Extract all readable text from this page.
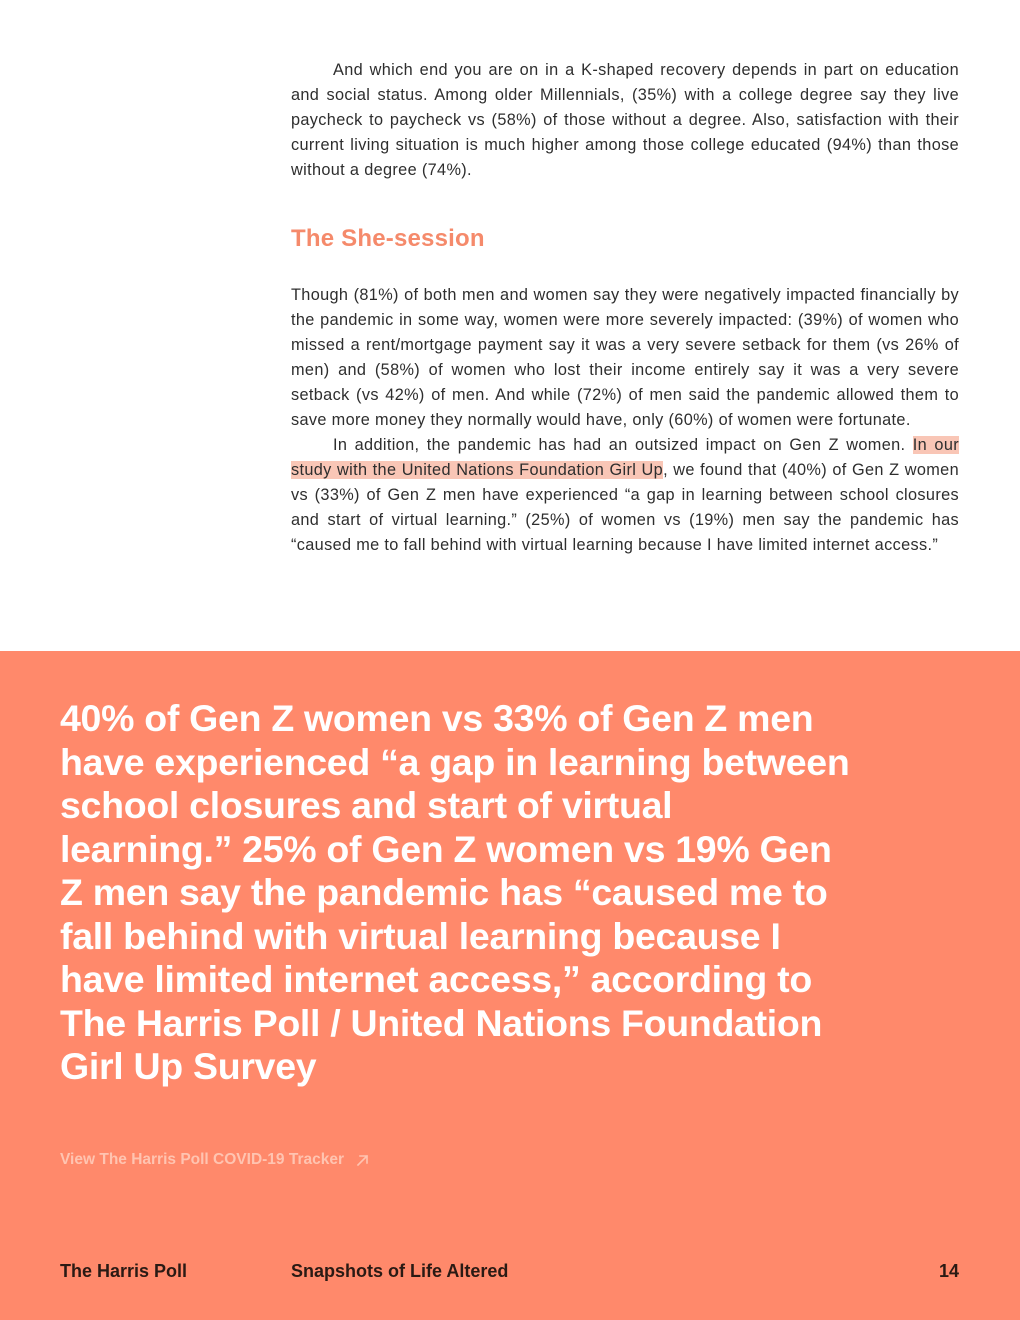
And which end you are on in a K-shaped recovery depends in part on education and social status. Among older Millennials, (35%) with a college degree say they live paycheck to paycheck vs (58%) of those without a degree. Also, satisfaction with their current living situation is much higher among those college educated (94%) than those without a degree (74%).

The She-session

Though (81%) of both men and women say they were negatively impacted financially by the pandemic in some way, women were more severely impacted: (39%) of women who missed a rent/mortgage payment say it was a very severe setback for them (vs 26% of men) and (58%) of women who lost their income entirely say it was a very severe setback (vs 42%) of men. And while (72%) of men said the pandemic allowed them to save more money they normally would have, only (60%) of women were fortunate.

In addition, the pandemic has had an outsized impact on Gen Z women. In our study with the United Nations Foundation Girl Up, we found that (40%) of Gen Z women vs (33%) of Gen Z men have experienced “a gap in learning between school closures and start of virtual learning.” (25%) of women vs (19%) men say the pandemic has “caused me to fall behind with virtual learning because I have limited internet access.”

40% of Gen Z women vs 33% of Gen Z men have experienced “a gap in learning between school closures and start of virtual learning.” 25% of Gen Z women vs 19% Gen Z men say the pandemic has “caused me to fall behind with virtual learning because I have limited internet access,” according to The Harris Poll / United Nations Foundation Girl Up Survey

View The Harris Poll COVID-19 Tracker
The Harris Poll	Snapshots of Life Altered	14
